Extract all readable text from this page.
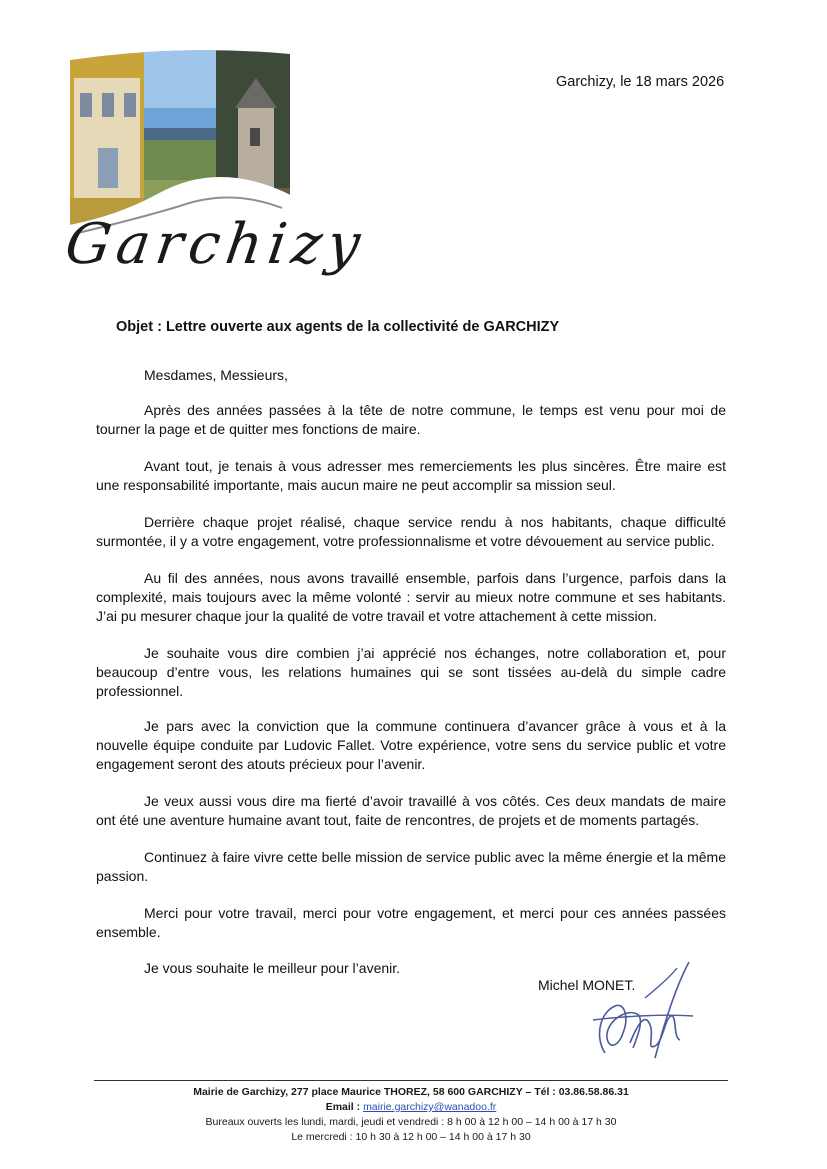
Garchizy
Garchizy, le 18 mars 2026
Objet : Lettre ouverte aux agents de la collectivité de GARCHIZY
Mesdames, Messieurs,

Après des années passées à la tête de notre commune, le temps est venu pour moi de tourner la page et de quitter mes fonctions de maire.

Avant tout, je tenais à vous adresser mes remerciements les plus sincères. Être maire est une responsabilité importante, mais aucun maire ne peut accomplir sa mission seul.

Derrière chaque projet réalisé, chaque service rendu à nos habitants, chaque difficulté surmontée, il y a votre engagement, votre professionnalisme et votre dévouement au service public.

Au fil des années, nous avons travaillé ensemble, parfois dans l’urgence, parfois dans la complexité, mais toujours avec la même volonté : servir au mieux notre commune et ses habitants. J’ai pu mesurer chaque jour la qualité de votre travail et votre attachement à cette mission.

Je souhaite vous dire combien j’ai apprécié nos échanges, notre collaboration et, pour beaucoup d’entre vous, les relations humaines qui se sont tissées au-delà du simple cadre professionnel.

Je pars avec la conviction que la commune continuera d’avancer grâce à vous et à la nouvelle équipe conduite par Ludovic Fallet. Votre expérience, votre sens du service public et votre engagement seront des atouts précieux pour l’avenir.

Je veux aussi vous dire ma fierté d’avoir travaillé à vos côtés. Ces deux mandats de maire ont été une aventure humaine avant tout, faite de rencontres, de projets et de moments partagés.

Continuez à faire vivre cette belle mission de service public avec la même énergie et la même passion.

Merci pour votre travail, merci pour votre engagement, et merci pour ces années passées ensemble.

Je vous souhaite le meilleur pour l’avenir.
Michel MONET.

Mairie de Garchizy, 277 place Maurice THOREZ, 58 600 GARCHIZY – Tél : 03.86.58.86.31

Email : mairie.garchizy@wanadoo.fr

Bureaux ouverts les lundi, mardi, jeudi et vendredi : 8 h 00 à 12 h 00 – 14 h 00 à 17 h 30

Le mercredi : 10 h 30 à 12 h 00 – 14 h 00 à 17 h 30
